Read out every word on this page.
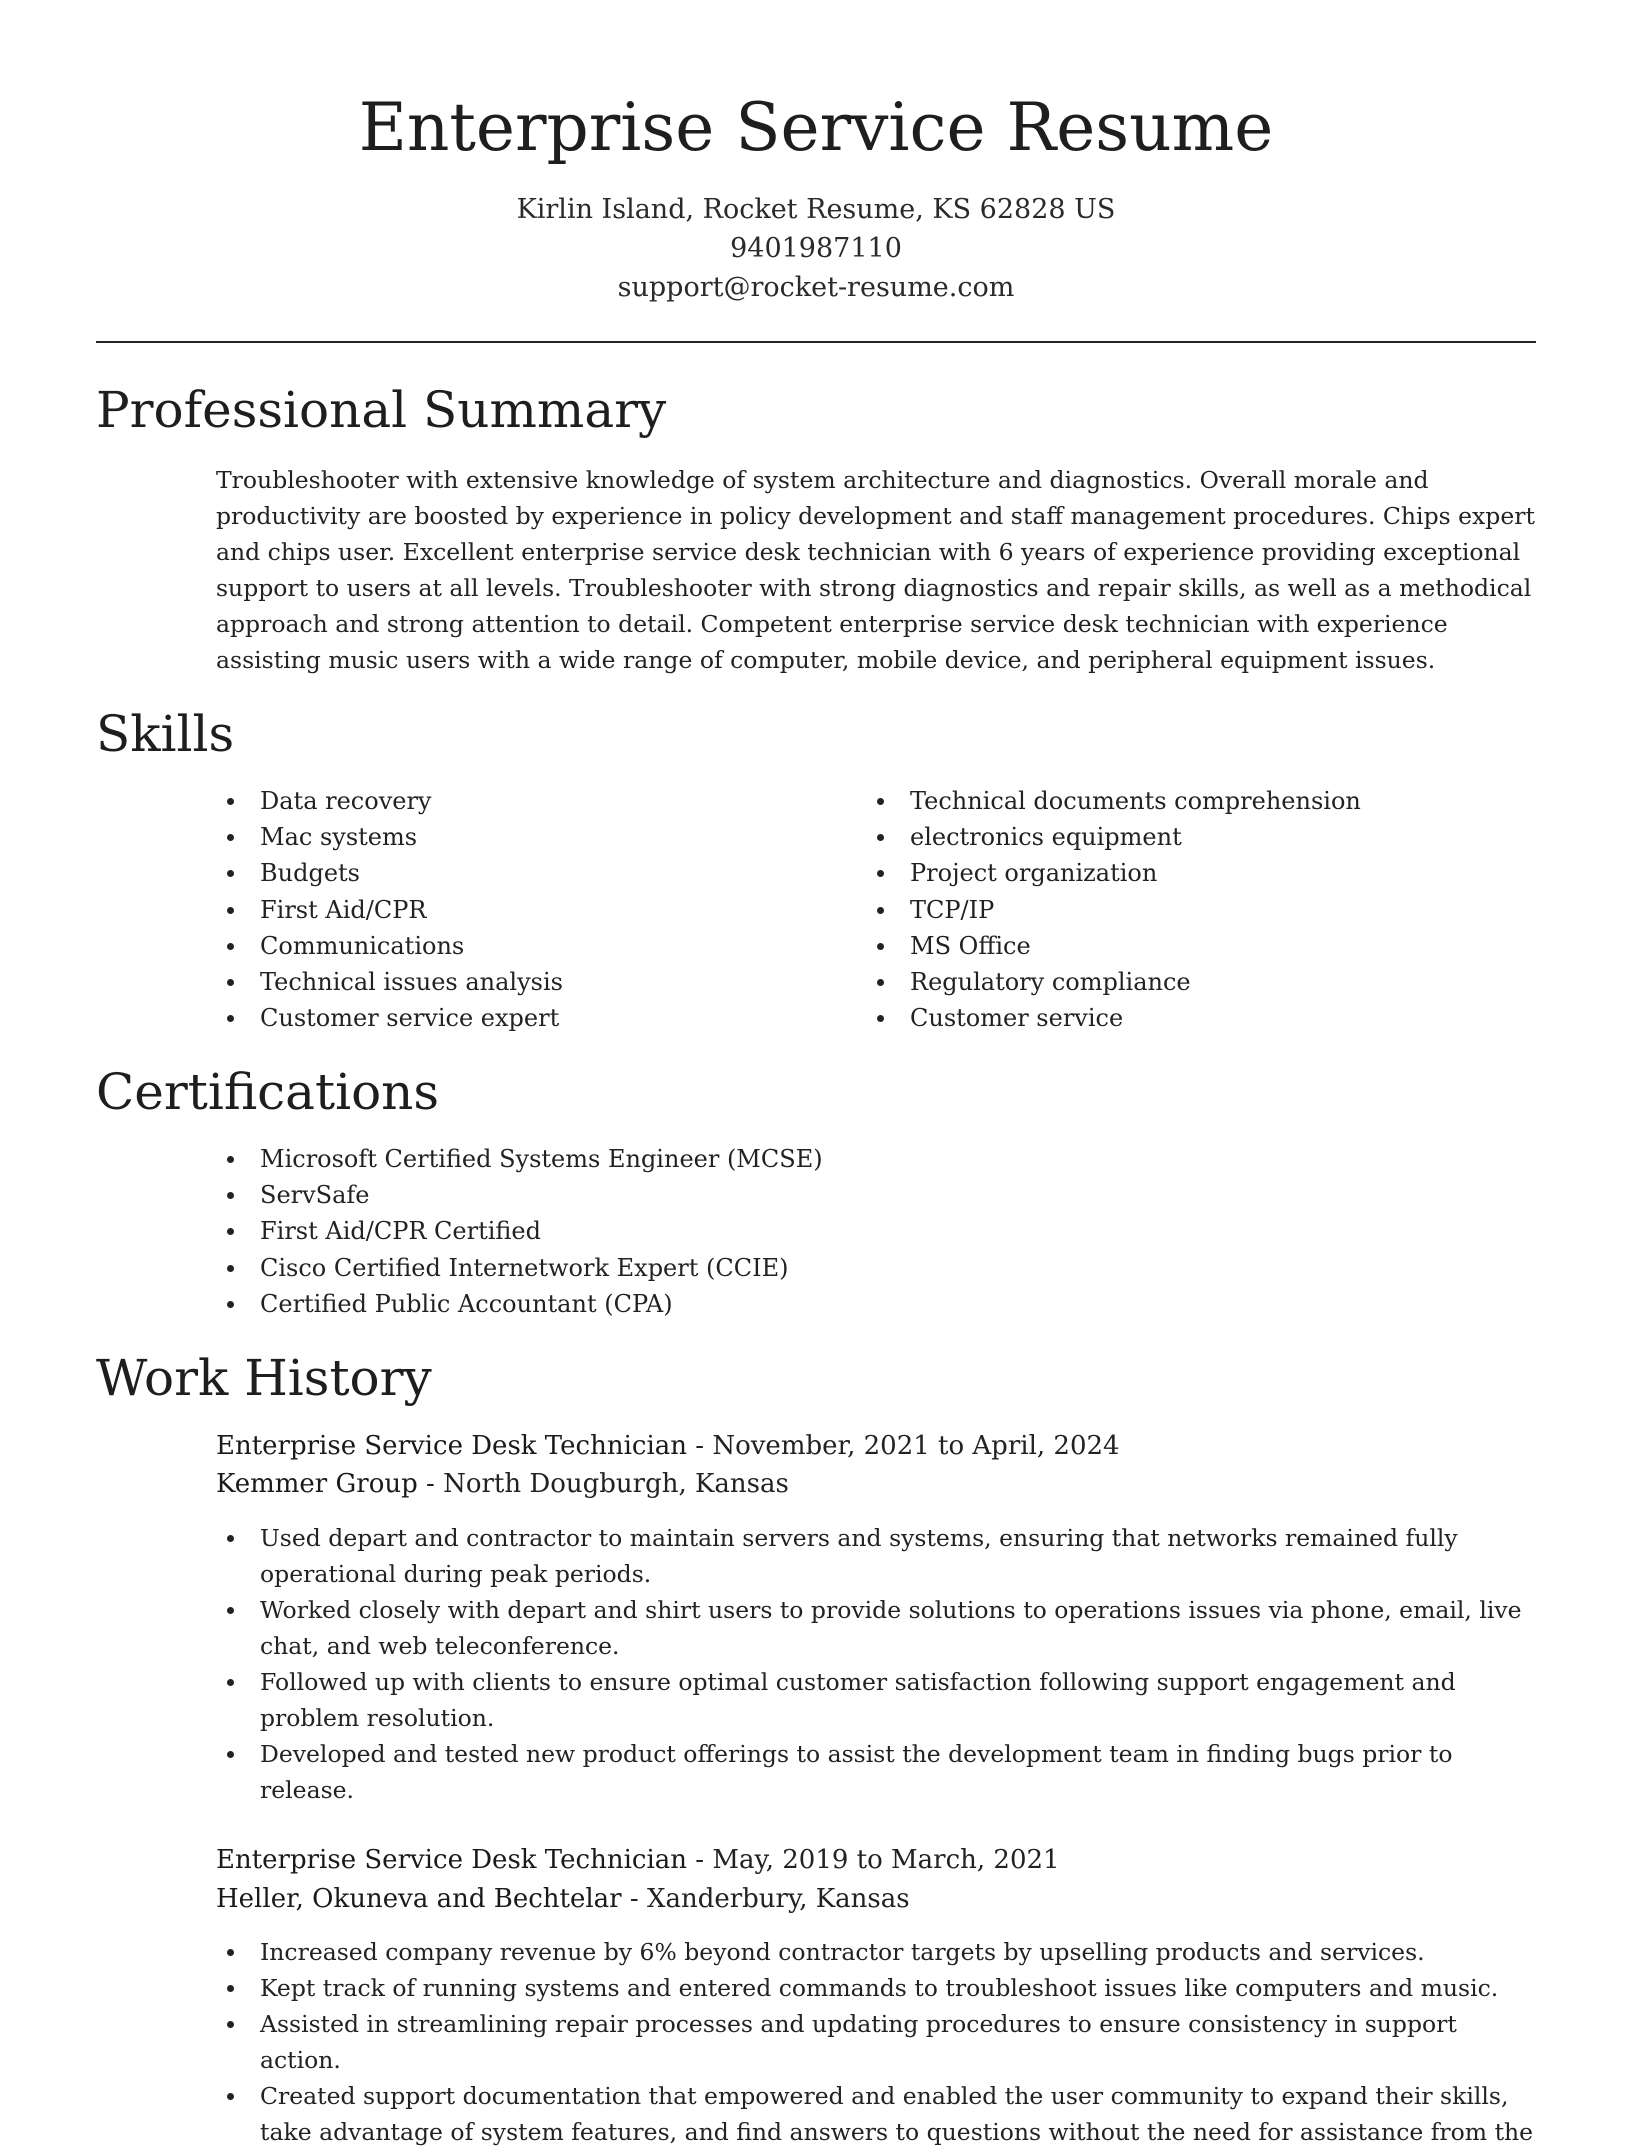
Enterprise Service Resume
Kirlin Island, Rocket Resume, KS 62828 US
9401987110
support@rocket-resume.com
Professional Summary

Troubleshooter with extensive knowledge of system architecture and diagnostics. Overall morale and productivity are boosted by experience in policy development and staff management procedures. Chips expert and chips user. Excellent enterprise service desk technician with 6 years of experience providing exceptional support to users at all levels. Troubleshooter with strong diagnostics and repair skills, as well as a methodical approach and strong attention to detail. Competent enterprise service desk technician with experience assisting music users with a wide range of computer, mobile device, and peripheral equipment issues.

Skills
Data recovery
Mac systems
Budgets
First Aid/CPR
Communications
Technical issues analysis
Customer service expert
Technical documents comprehension
electronics equipment
Project organization
TCP/IP
MS Office
Regulatory compliance
Customer service
Certifications
Microsoft Certified Systems Engineer (MCSE)
ServSafe
First Aid/CPR Certified
Cisco Certified Internetwork Expert (CCIE)
Certified Public Accountant (CPA)
Work History
Enterprise Service Desk Technician - November, 2021 to April, 2024
Kemmer Group - North Dougburgh, Kansas
Used depart and contractor to maintain servers and systems, ensuring that networks remained fully operational during peak periods.
Worked closely with depart and shirt users to provide solutions to operations issues via phone, email, live chat, and web teleconference.
Followed up with clients to ensure optimal customer satisfaction following support engagement and problem resolution.
Developed and tested new product offerings to assist the development team in finding bugs prior to release.
Enterprise Service Desk Technician - May, 2019 to March, 2021
Heller, Okuneva and Bechtelar - Xanderbury, Kansas
Increased company revenue by 6% beyond contractor targets by upselling products and services.
Kept track of running systems and entered commands to troubleshoot issues like computers and music.
Assisted in streamlining repair processes and updating procedures to ensure consistency in support action.
Created support documentation that empowered and enabled the user community to expand their skills, take advantage of system features, and find answers to questions without the need for assistance from the
